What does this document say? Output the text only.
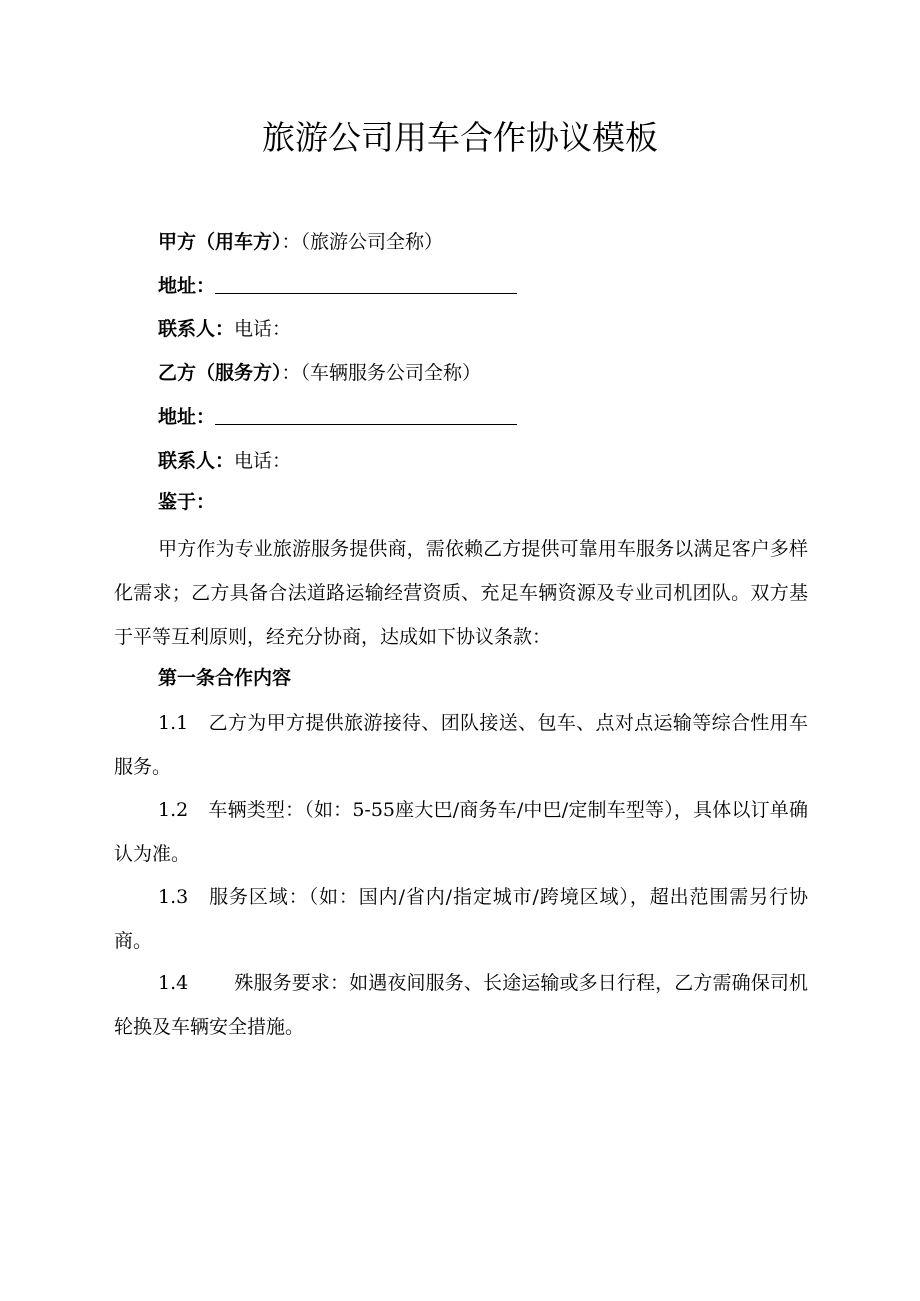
旅游公司用车合作协议模板
甲方（用车方）：（旅游公司全称）
地址：
联系人：电话：
乙方（服务方）：（车辆服务公司全称）
地址：
联系人：电话：
鉴于：
甲方作为专业旅游服务提供商，需依赖乙方提供可靠用车服务以满足客户多样化需求；乙方具备合法道路运输经营资质、充足车辆资源及专业司机团队。双方基于平等互利原则，经充分协商，达成如下协议条款：
第一条合作内容
1.1 乙方为甲方提供旅游接待、团队接送、包车、点对点运输等综合性用车服务。
1.2 车辆类型：（如：5-55座大巴/商务车/中巴/定制车型等），具体以订单确认为准。
1.3 服务区域：（如：国内/省内/指定城市/跨境区域），超出范围需另行协商。
1.4 殊服务要求：如遇夜间服务、长途运输或多日行程，乙方需确保司机轮换及车辆安全措施。
